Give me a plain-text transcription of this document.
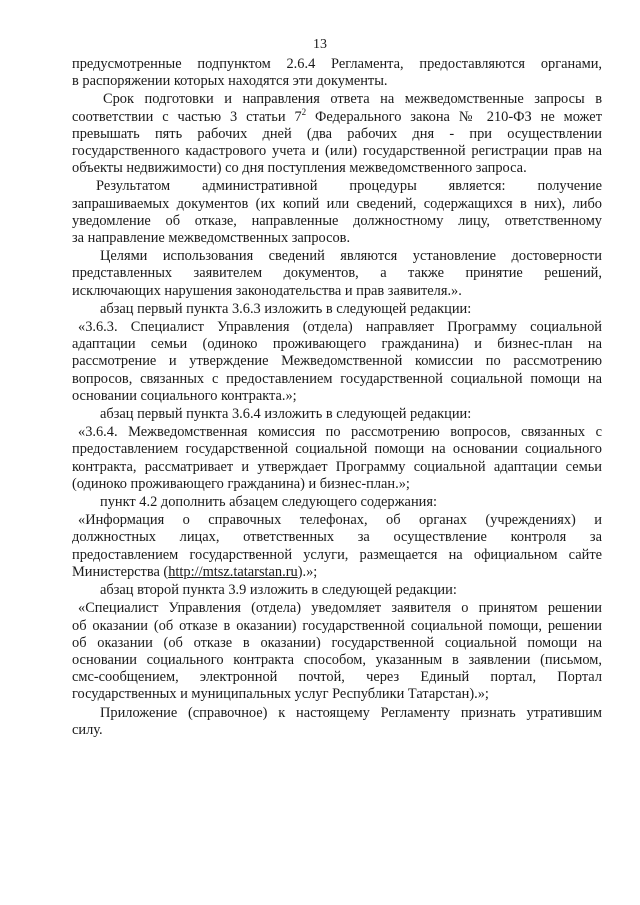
13
предусмотренные подпунктом 2.6.4 Регламента, предоставляются органами,
в распоряжении которых находятся эти документы.
Срок подготовки и направления ответа на межведомственные запросы в
соответствии с частью 3 статьи $7^2$ Федерального закона № 210-ФЗ не может
превышать пять рабочих дней (два рабочих дня - при осуществлении
государственного кадастрового учета и (или) государственной регистрации прав на
объекты недвижимости) со дня поступления межведомственного запроса.
Результатом административной процедуры является: получение
запрашиваемых документов (их копий или сведений, содержащихся в них), либо
уведомление об отказе, направленные должностному лицу, ответственному
за направление межведомственных запросов.
Целями использования сведений являются установление достоверности
представленных заявителем документов, а также принятие решений,
исключающих нарушения законодательства и прав заявителя.».
абзац первый пункта 3.6.3 изложить в следующей редакции:
«3.6.3. Специалист Управления (отдела) направляет Программу социальной
адаптации семьи (одиноко проживающего гражданина) и бизнес-план на
рассмотрение и утверждение Межведомственной комиссии по рассмотрению
вопросов, связанных с предоставлением государственной социальной помощи на
основании социального контракта.»;
абзац первый пункта 3.6.4 изложить в следующей редакции:
«3.6.4. Межведомственная комиссия по рассмотрению вопросов, связанных с
предоставлением государственной социальной помощи на основании социального
контракта, рассматривает и утверждает Программу социальной адаптации семьи
(одиноко проживающего гражданина) и бизнес-план.»;
пункт 4.2 дополнить абзацем следующего содержания:
«Информация о справочных телефонах, об органах (учреждениях) и
должностных лицах, ответственных за осуществление контроля за
предоставлением государственной услуги, размещается на официальном сайте
Министерства (http://mtsz.tatarstan.ru).»;
абзац второй пункта 3.9 изложить в следующей редакции:
«Специалист Управления (отдела) уведомляет заявителя о принятом решении
об оказании (об отказе в оказании) государственной социальной помощи, решении
об оказании (об отказе в оказании) государственной социальной помощи на
основании социального контракта способом, указанным в заявлении (письмом,
смс-сообщением, электронной почтой, через Единый портал, Портал
государственных и муниципальных услуг Республики Татарстан).»;
Приложение (справочное) к настоящему Регламенту признать утратившим
силу.
